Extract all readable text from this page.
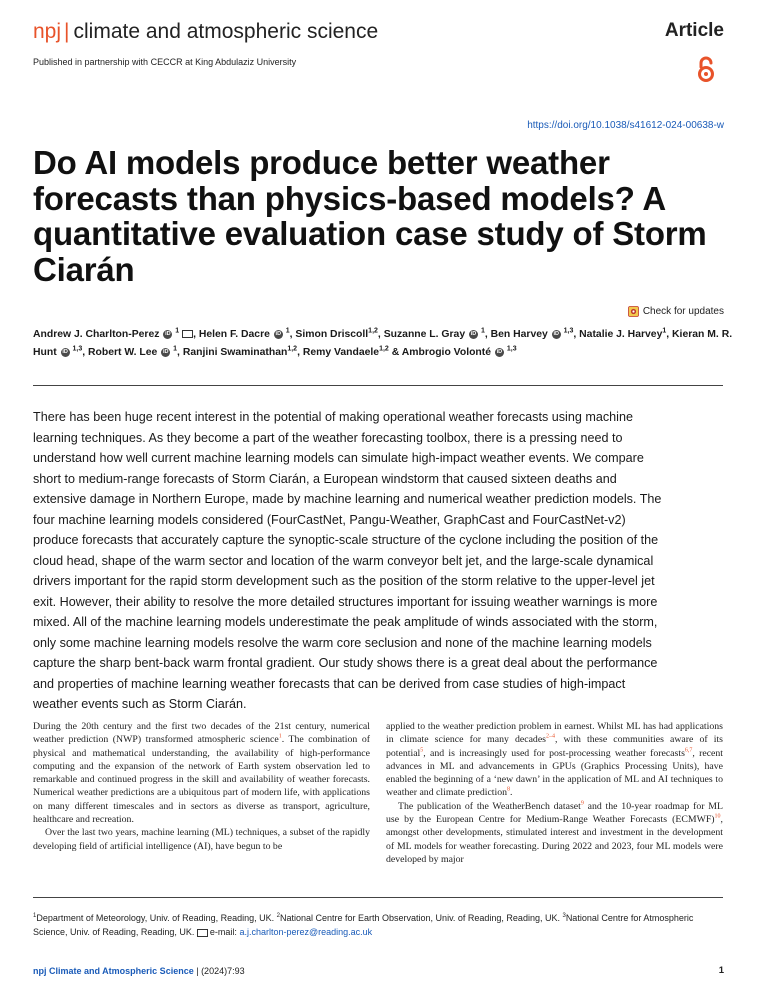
npj | climate and atmospheric science	Article
Published in partnership with CECCR at King Abdulaziz University
https://doi.org/10.1038/s41612-024-00638-w
Do AI models produce better weather forecasts than physics-based models? A quantitative evaluation case study of Storm Ciarán
Check for updates
Andrew J. Charlton-Perez iD $^1$ , Helen F. Dacre iD $^1$, Simon Driscoll$^{1,2}$, Suzanne L. Gray iD $^1$, Ben Harvey iD $^{1,3}$, Natalie J. Harvey$^1$, Kieran M. R. Hunt iD $^{1,3}$, Robert W. Lee iD $^1$, Ranjini Swaminathan$^{1,2}$, Remy Vandaele$^{1,2}$ & Ambrogio Volonté iD $^{1,3}$

There has been huge recent interest in the potential of making operational weather forecasts using machine learning techniques. As they become a part of the weather forecasting toolbox, there is a pressing need to understand how well current machine learning models can simulate high-impact weather events. We compare short to medium-range forecasts of Storm Ciarán, a European windstorm that caused sixteen deaths and extensive damage in Northern Europe, made by machine learning and numerical weather prediction models. The four machine learning models considered (FourCastNet, Pangu-Weather, GraphCast and FourCastNet-v2) produce forecasts that accurately capture the synoptic-scale structure of the cyclone including the position of the cloud head, shape of the warm sector and location of the warm conveyor belt jet, and the large-scale dynamical drivers important for the rapid storm development such as the position of the storm relative to the upper-level jet exit. However, their ability to resolve the more detailed structures important for issuing weather warnings is more mixed. All of the machine learning models underestimate the peak amplitude of winds associated with the storm, only some machine learning models resolve the warm core seclusion and none of the machine learning models capture the sharp bent-back warm frontal gradient. Our study shows there is a great deal about the performance and properties of machine learning weather forecasts that can be derived from case studies of high-impact weather events such as Storm Ciarán.

During the 20th century and the first two decades of the 21st century, numerical weather prediction (NWP) transformed atmospheric science$^1$. The combination of physical and mathematical understanding, the availability of high-performance computing and the expansion of the network of Earth system observation led to remarkable and continued progress in the skill and availability of weather forecasts. Numerical weather predictions are a ubiquitous part of modern life, with applications on many different timescales and in sectors as diverse as transport, agriculture, healthcare and recreation.

Over the last two years, machine learning (ML) techniques, a subset of the rapidly developing field of artificial intelligence (AI), have begun to be

applied to the weather prediction problem in earnest. Whilst ML has had applications in climate science for many decades$^{2-4}$, with these communities aware of its potential$^5$, and is increasingly used for post-processing weather forecasts$^{6,7}$, recent advances in ML and advancements in GPUs (Graphics Processing Units), have enabled the beginning of a ‘new dawn’ in the application of ML and AI techniques to weather and climate prediction$^8$.

The publication of the WeatherBench dataset$^9$ and the 10-year roadmap for ML use by the European Centre for Medium-Range Weather Forecasts (ECMWF)$^{10}$, amongst other developments, stimulated interest and investment in the development of ML models for weather forecasting. During 2022 and 2023, four ML models were developed by major

$^1$Department of Meteorology, Univ. of Reading, Reading, UK. $^2$National Centre for Earth Observation, Univ. of Reading, Reading, UK. $^3$National Centre for Atmospheric Science, Univ. of Reading, Reading, UK. e-mail: a.j.charlton-perez@reading.ac.uk

npj Climate and Atmospheric Science | (2024)7:93	1
